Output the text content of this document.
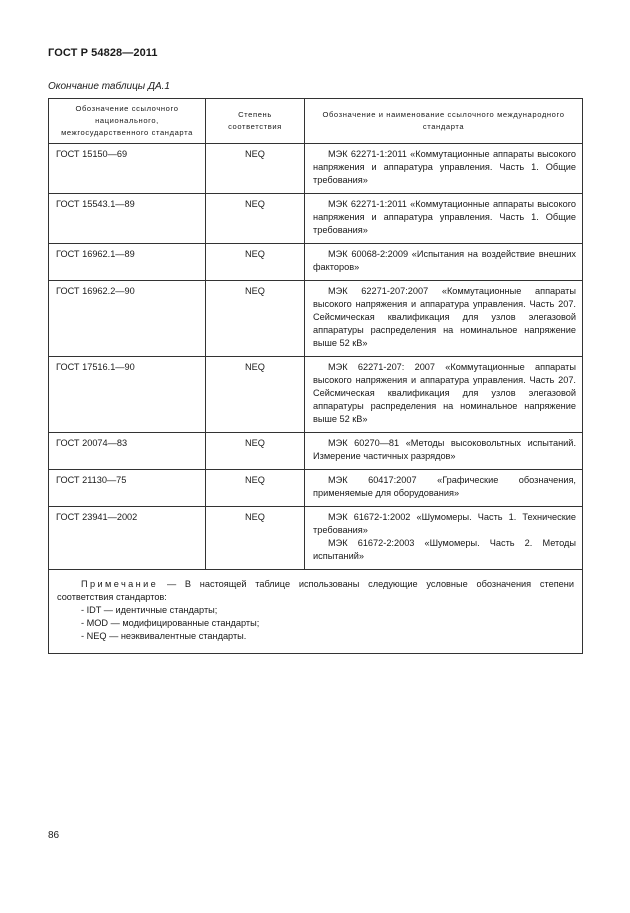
ГОСТ Р 54828—2011
Окончание таблицы ДА.1
Обозначение ссылочного национального, межгосударственного стандарта	Степень соответствия	Обозначение и наименование ссылочного международного стандарта
ГОСТ 15150—69	NEQ	МЭК 62271-1:2011 «Коммутационные аппараты высокого напряжения и аппаратура управления. Часть 1. Общие требования»

ГОСТ 15543.1—89	NEQ	МЭК 62271-1:2011 «Коммутационные аппараты высокого напряжения и аппаратура управления. Часть 1. Общие требования»

ГОСТ 16962.1—89	NEQ	МЭК 60068-2:2009 «Испытания на воздействие внешних факторов»

ГОСТ 16962.2—90	NEQ	МЭК 62271-207:2007 «Коммутационные аппараты высокого напряжения и аппаратура управления. Часть 207. Сейсмическая квалификация для узлов элегазовой аппаратуры распределения на номинальное напряжение выше 52 кВ»

ГОСТ 17516.1—90	NEQ	МЭК 62271-207: 2007 «Коммутационные аппараты высокого напряжения и аппаратура управления. Часть 207. Сейсмическая квалификация для узлов элегазовой аппаратуры распределения на номинальное напряжение выше 52 кВ»

ГОСТ 20074—83	NEQ	МЭК 60270—81 «Методы высоковольтных испытаний. Измерение частичных разрядов»

ГОСТ 21130—75	NEQ	МЭК 60417:2007 «Графические обозначения, применяемые для оборудования»

ГОСТ 23941—2002	NEQ	МЭК 61672-1:2002 «Шумомеры. Часть 1. Технические требования»
МЭК 61672-2:2003 «Шумомеры. Часть 2. Методы испытаний»

Примечание — В настоящей таблице использованы следующие условные обозначения степени соответствия стандартов:
- IDT — идентичные стандарты;
- MOD — модифицированные стандарты;
- NEQ — неэквивалентные стандарты.		
86
